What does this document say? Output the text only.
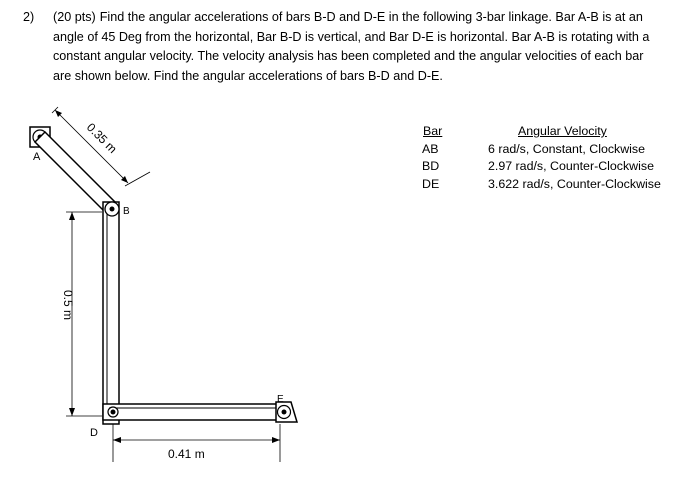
2) (20 pts) Find the angular accelerations of bars B-D and D-E in the following 3-bar linkage. Bar A-B is at an angle of 45 Deg from the horizontal, Bar B-D is vertical, and Bar D-E is horizontal. Bar A-B is rotating with a constant angular velocity. The velocity analysis has been completed and the angular velocities of each bar are shown below. Find the angular accelerations of bars B-D and D-E.
A
B
D
E
0.35 m
0.5 m
0.41 m
Bar
AB
BD
DE
Angular Velocity
6 rad/s, Constant, Clockwise
2.97 rad/s, Counter-Clockwise
3.622 rad/s, Counter-Clockwise
